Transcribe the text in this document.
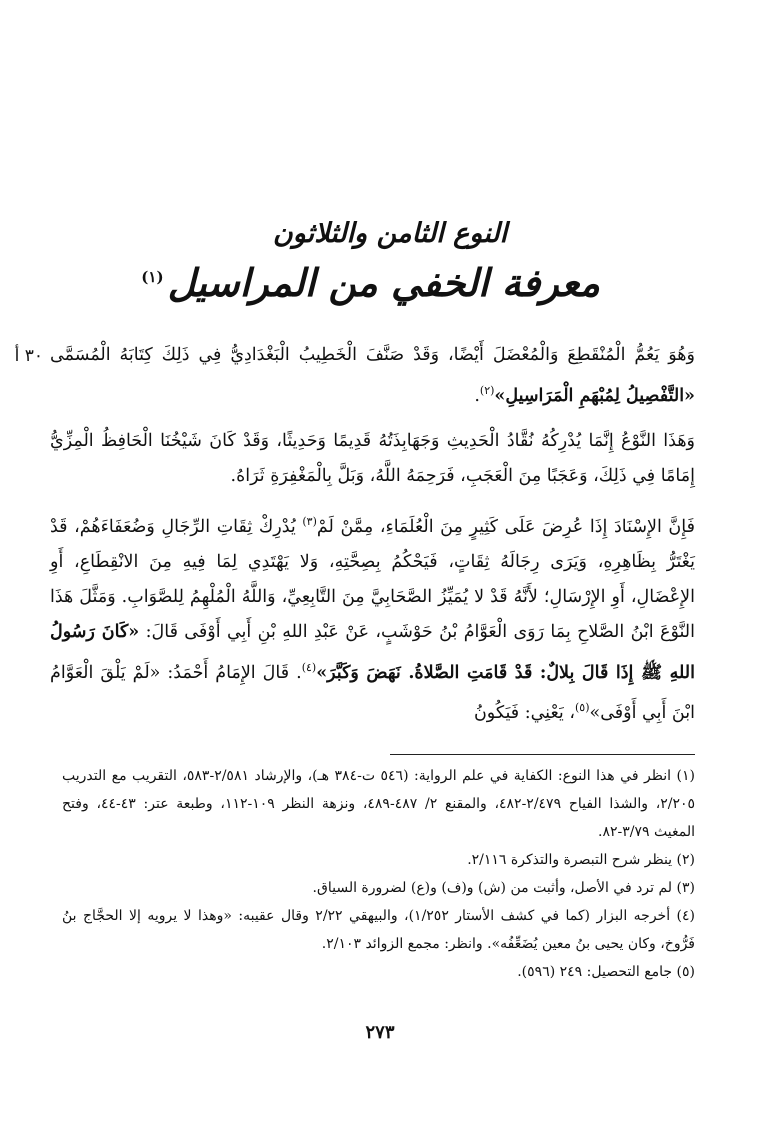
النوع الثامن والثلاثون
معرفة الخفي من المراسيل$^{(١)}$
٣٠ أ وَهُوَ يَعُمُّ الْمُنْقَطِعَ وَالْمُعْضَلَ أَيْضًا، وَقَدْ صَنَّفَ الْخَطِيبُ الْبَغْدَادِيُّ فِي ذَلِكَ كِتَابَهُ الْمُسَمَّى «التَّفْصِيلُ لِمُبْهَمِ الْمَرَاسِيلِ»$^{(٢)}$.

وَهَذَا النَّوْعُ إِنَّمَا يُدْرِكُهُ نُقَّادُ الْحَدِيثِ وَجَهَابِذَتُهُ قَدِيمًا وَحَدِيثًا، وَقَدْ كَانَ شَيْخُنَا الْحَافِظُ الْمِزِّيُّ إِمَامًا فِي ذَلِكَ، وَعَجَبًا مِنَ الْعَجَبِ، فَرَحِمَهُ اللَّهُ، وَبَلَّ بِالْمَغْفِرَةِ ثَرَاهُ.

فَإِنَّ الإِسْنَادَ إِذَا عُرِضَ عَلَى كَثِيرٍ مِنَ الْعُلَمَاءِ، مِمَّنْ لَمْ$^{(٣)}$ يُدْرِكْ ثِقَاتِ الرِّجَالِ وَضُعَفَاءَهُمْ، قَدْ يَغْتَرُّ بِظَاهِرِهِ، وَيَرَى رِجَالَهُ ثِقَاتٍ، فَيَحْكُمُ بِصِحَّتِهِ، وَلا يَهْتَدِي لِمَا فِيهِ مِنَ الانْقِطَاعِ، أَوِ الإِعْضَالِ، أَوِ الإِرْسَالِ؛ لأَنَّهُ قَدْ لا يُمَيِّزُ الصَّحَابِيَّ مِنَ التَّابِعِيِّ، وَاللَّهُ الْمُلْهِمُ لِلصَّوَابِ. وَمَثَّلَ هَذَا النَّوْعَ ابْنُ الصَّلاحِ بِمَا رَوَى الْعَوَّامُ بْنُ حَوْشَبٍ، عَنْ عَبْدِ اللهِ بْنِ أَبِي أَوْفَى قَالَ: «كَانَ رَسُولُ اللهِ ﷺ إِذَا قَالَ بِلالٌ: قَدْ قَامَتِ الصَّلاةُ. نَهَضَ وَكَبَّرَ»$^{(٤)}$. قَالَ الإِمَامُ أَحْمَدُ: «لَمْ يَلْقَ الْعَوَّامُ ابْنَ أَبِي أَوْفَى»$^{(٥)}$، يَعْنِي: فَيَكُونُ

(١) انظر في هذا النوع: الكفاية في علم الرواية: (٥٤٦ ت-٣٨٤ هـ)، والإرشاد ٢/٥٨١-٥٨٣، التقريب مع التدريب ٢/٢٠٥، والشذا الفياح ٢/٤٧٩-٤٨٢، والمقنع ٢/ ٤٨٧-٤٨٩، ونزهة النظر ١٠٩-١١٢، وطبعة عتر: ٤٣-٤٤، وفتح المغيث ٣/٧٩-٨٢.

(٢) ينظر شرح التبصرة والتذكرة ٢/١١٦.

(٣) لم ترد في الأصل، وأثبت من (ش) و(ف) و(ع) لضرورة السياق.

(٤) أخرجه البزار (كما في كشف الأستار ١/٢٥٢)، والبيهقي ٢/٢٢ وقال عقيبه: «وهذا لا يرويه إلا الحجَّاج بنُ فَرُّوخ، وكان يحيى بنُ معين يُضَعِّفُه». وانظر: مجمع الزوائد ٢/١٠٣.

(٥) جامع التحصيل: ٢٤٩ (٥٩٦).

٢٧٣
